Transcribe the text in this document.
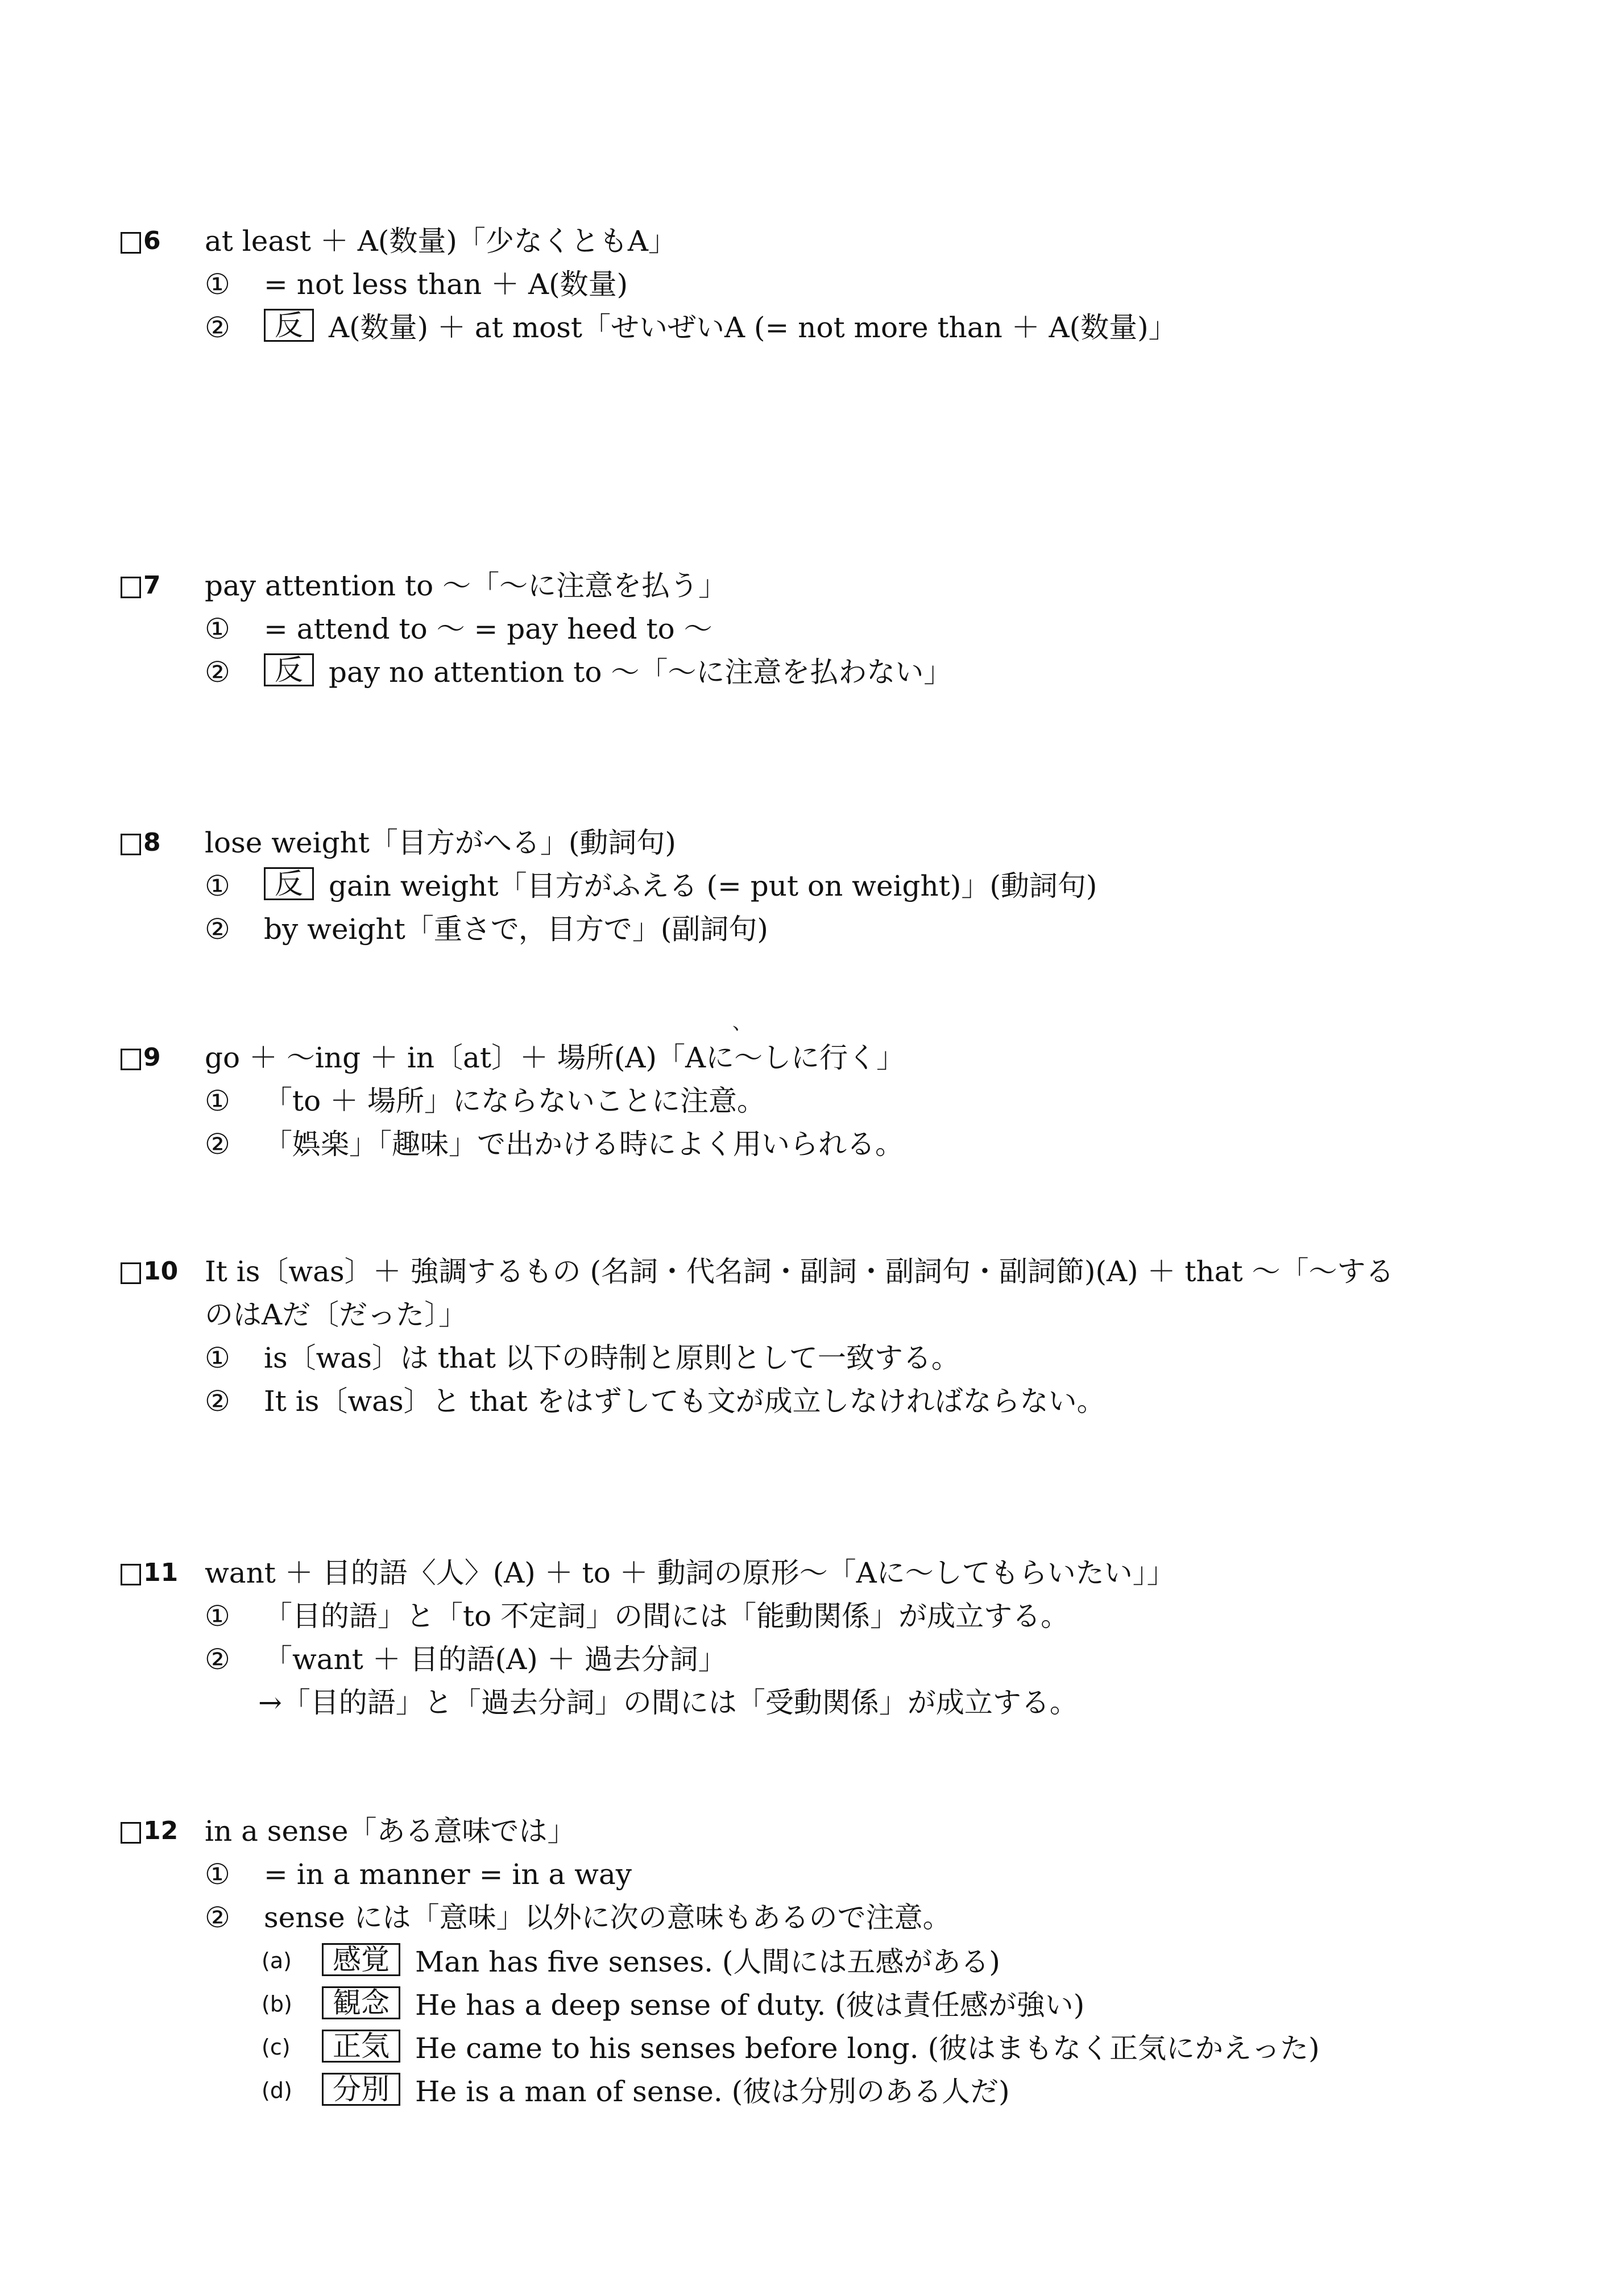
6 at least ＋ A(数量)「少なくともA」
① = not less than ＋ A(数量)
② 反 A(数量) ＋ at most「せいぜいA (= not more than ＋ A(数量)」
7 pay attention to ～「～に注意を払う」
① = attend to ～ = pay heed to ～
② 反 pay no attention to ～「～に注意を払わない」
8 lose weight「目方がへる」(動詞句)
① 反 gain weight「目方がふえる (= put on weight)」(動詞句)
② by weight「重さで，目方で」(副詞句)
、
9 go ＋ ～ing ＋ in〔at〕＋ 場所(A)「Aに～しに行く」
① 「to ＋ 場所」にならないことに注意。
② 「娯楽」「趣味」で出かける時によく用いられる。
10 It is〔was〕＋ 強調するもの (名詞・代名詞・副詞・副詞句・副詞節)(A) ＋ that ～「～する
のはAだ〔だった〕」
① is〔was〕は that 以下の時制と原則として一致する。
② It is〔was〕と that をはずしても文が成立しなければならない。
11 want ＋ 目的語〈人〉(A) ＋ to ＋ 動詞の原形～「Aに～してもらいたい」」
① 「目的語」と「to 不定詞」の間には「能動関係」が成立する。
② 「want ＋ 目的語(A) ＋ 過去分詞」
→「目的語」と「過去分詞」の間には「受動関係」が成立する。
12 in a sense「ある意味では」
① = in a manner = in a way
② sense には「意味」以外に次の意味もあるので注意。
(a) 感覚 Man has five senses. (人間には五感がある)
(b) 観念 He has a deep sense of duty. (彼は責任感が強い)
(c) 正気 He came to his senses before long. (彼はまもなく正気にかえった)
(d) 分別 He is a man of sense. (彼は分別のある人だ)
